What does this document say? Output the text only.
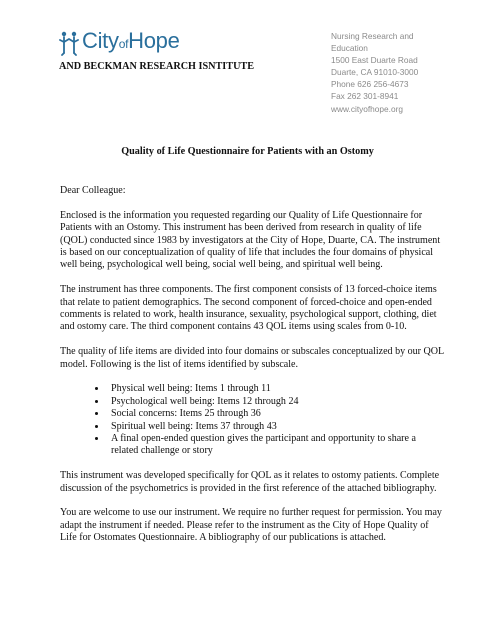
CityofHope
AND BECKMAN RESEARCH ISNTITUTE
Nursing Research and
Education
1500 East Duarte Road
Duarte, CA 91010-3000
Phone 626 256-4673
Fax 262 301-8941
www.cityofhope.org
Quality of Life Questionnaire for Patients with an Ostomy

Dear Colleague:

Enclosed is the information you requested regarding our Quality of Life Questionnaire for Patients with an Ostomy. This instrument has been derived from research in quality of life (QOL) conducted since 1983 by investigators at the City of Hope, Duarte, CA. The instrument is based on our conceptualization of quality of life that includes the four domains of physical well being, psychological well being, social well being, and spiritual well being.

The instrument has three components. The first component consists of 13 forced-choice items that relate to patient demographics. The second component of forced-choice and open-ended comments is related to work, health insurance, sexuality, psychological support, clothing, diet and ostomy care. The third component contains 43 QOL items using scales from 0-10.

The quality of life items are divided into four domains or subscales conceptualized by our QOL model. Following is the list of items identified by subscale.

• Physical well being: Items 1 through 11
• Psychological well being: Items 12 through 24
• Social concerns: Items 25 through 36
• Spiritual well being: Items 37 through 43
• A final open-ended question gives the participant and opportunity to share a related challenge or story

This instrument was developed specifically for QOL as it relates to ostomy patients. Complete discussion of the psychometrics is provided in the first reference of the attached bibliography.

You are welcome to use our instrument. We require no further request for permission. You may adapt the instrument if needed. Please refer to the instrument as the City of Hope Quality of Life for Ostomates Questionnaire. A bibliography of our publications is attached.
